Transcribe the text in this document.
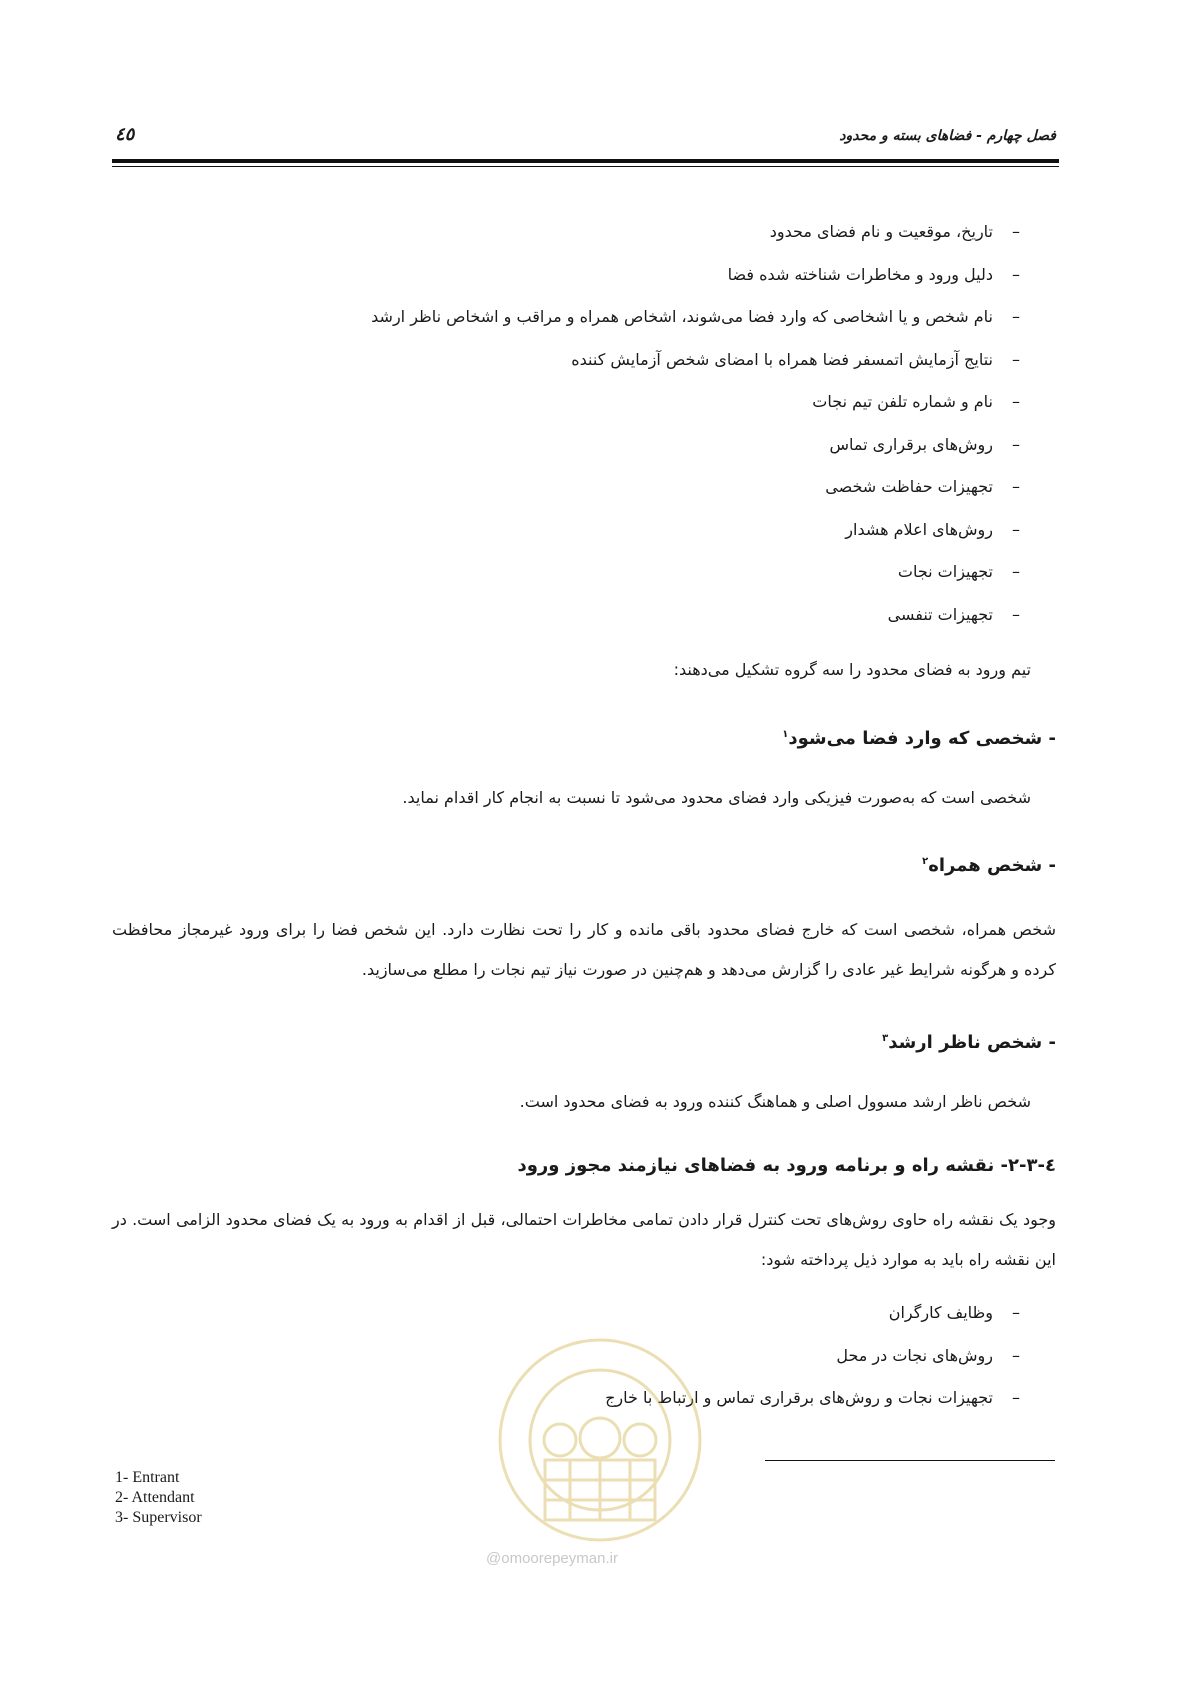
فصل چهارم - فضاهای بسته و محدود
٤٥
–تاریخ، موقعیت و نام فضای محدود
–دلیل ورود و مخاطرات شناخته شده فضا
–نام شخص و یا اشخاصی که وارد فضا می‌شوند، اشخاص همراه و مراقب و اشخاص ناظر ارشد
–نتایج آزمایش اتمسفر فضا همراه با امضای شخص آزمایش کننده
–نام و شماره تلفن تیم نجات
–روش‌های برقراری تماس
–تجهیزات حفاظت شخصی
–روش‌های اعلام هشدار
–تجهیزات نجات
–تجهیزات تنفسی
تیم ورود به فضای محدود را سه گروه تشکیل می‌دهند:
- شخصی که وارد فضا می‌شود$^۱$
شخصی است که به‌صورت فیزیکی وارد فضای محدود می‌شود تا نسبت به انجام کار اقدام نماید.
- شخص همراه$^۲$
شخص همراه، شخصی است که خارج فضای محدود باقی مانده و کار را تحت نظارت دارد. این شخص فضا را برای ورود غیرمجاز محافظت کرده و هرگونه شرایط غیر عادی را گزارش می‌دهد و هم‌چنین در صورت نیاز تیم نجات را مطلع می‌سازید.
- شخص ناظر ارشد$^۳$
شخص ناظر ارشد مسوول اصلی و هماهنگ کننده ورود به فضای محدود است.
٤-٣-٢- نقشه راه و برنامه ورود به فضاهای نیازمند مجوز ورود
وجود یک نقشه راه حاوی روش‌های تحت کنترل قرار دادن تمامی مخاطرات احتمالی، قبل از اقدام به ورود به یک فضای محدود الزامی است. در این نقشه راه باید به موارد ذیل پرداخته شود:
–وظایف کارگران
–روش‌های نجات در محل
–تجهیزات نجات و روش‌های برقراری تماس و ارتباط با خارج
@omoorepeyman.ir
1- Entrant
2- Attendant
3- Supervisor
